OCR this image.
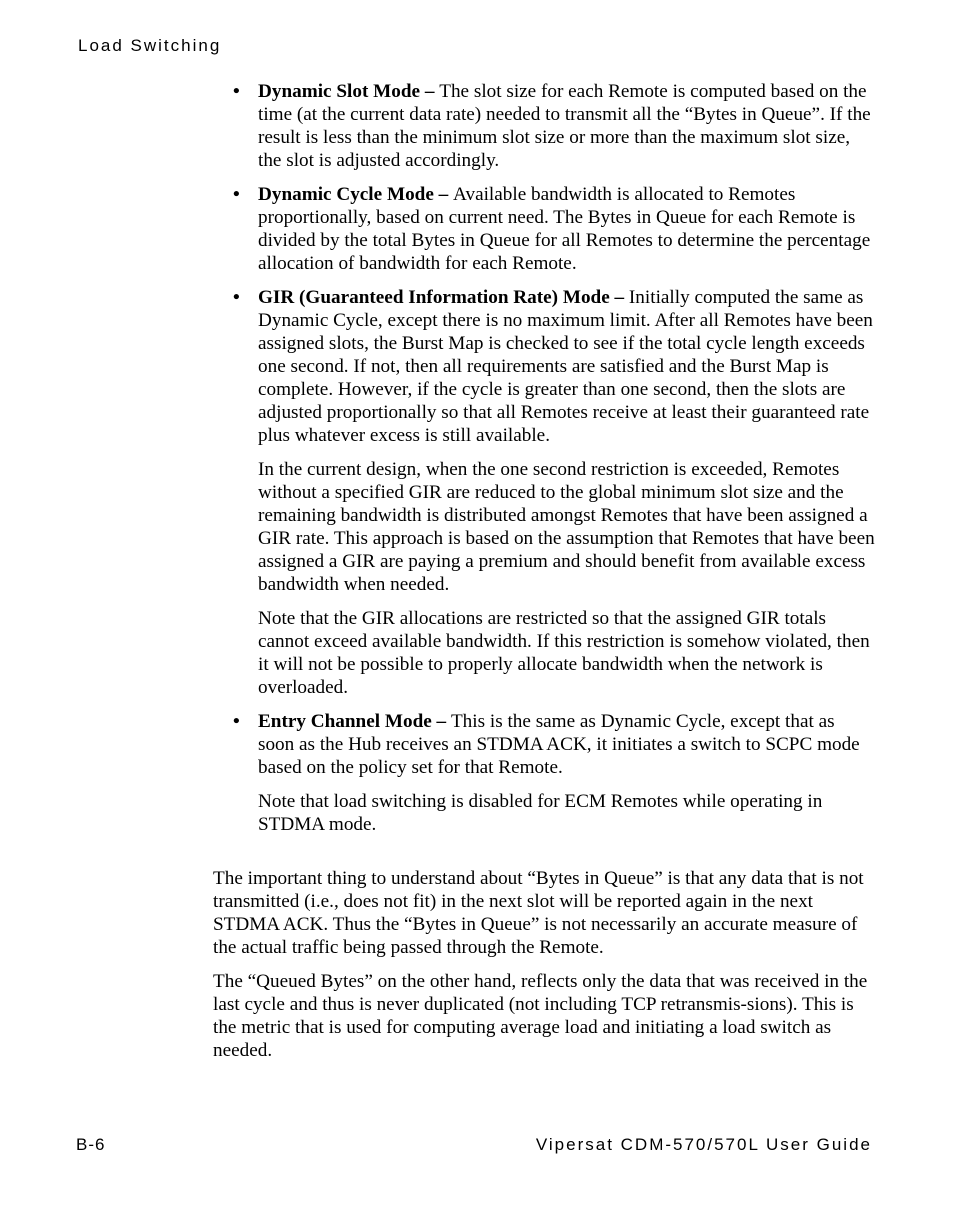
Load Switching
• Dynamic Slot Mode – The slot size for each Remote is computed based on the time (at the current data rate) needed to transmit all the “Bytes in Queue”. If the result is less than the minimum slot size or more than the maximum slot size, the slot is adjusted accordingly.

• Dynamic Cycle Mode – Available bandwidth is allocated to Remotes proportionally, based on current need. The Bytes in Queue for each Remote is divided by the total Bytes in Queue for all Remotes to determine the percentage allocation of bandwidth for each Remote.

• GIR (Guaranteed Information Rate) Mode – Initially computed the same as Dynamic Cycle, except there is no maximum limit. After all Remotes have been assigned slots, the Burst Map is checked to see if the total cycle length exceeds one second. If not, then all requirements are satisfied and the Burst Map is complete. However, if the cycle is greater than one second, then the slots are adjusted proportionally so that all Remotes receive at least their guaranteed rate plus whatever excess is still available.

In the current design, when the one second restriction is exceeded, Remotes without a specified GIR are reduced to the global minimum slot size and the remaining bandwidth is distributed amongst Remotes that have been assigned a GIR rate. This approach is based on the assumption that Remotes that have been assigned a GIR are paying a premium and should benefit from available excess bandwidth when needed.

Note that the GIR allocations are restricted so that the assigned GIR totals cannot exceed available bandwidth. If this restriction is somehow violated, then it will not be possible to properly allocate bandwidth when the network is overloaded.

• Entry Channel Mode – This is the same as Dynamic Cycle, except that as soon as the Hub receives an STDMA ACK, it initiates a switch to SCPC mode based on the policy set for that Remote.

Note that load switching is disabled for ECM Remotes while operating in STDMA mode.

The important thing to understand about “Bytes in Queue” is that any data that is not transmitted (i.e., does not fit) in the next slot will be reported again in the next STDMA ACK. Thus the “Bytes in Queue” is not necessarily an accurate measure of the actual traffic being passed through the Remote.

The “Queued Bytes” on the other hand, reflects only the data that was received in the last cycle and thus is never duplicated (not including TCP retransmis-sions). This is the metric that is used for computing average load and initiating a load switch as needed.

B-6	Vipersat CDM-570/570L User Guide
